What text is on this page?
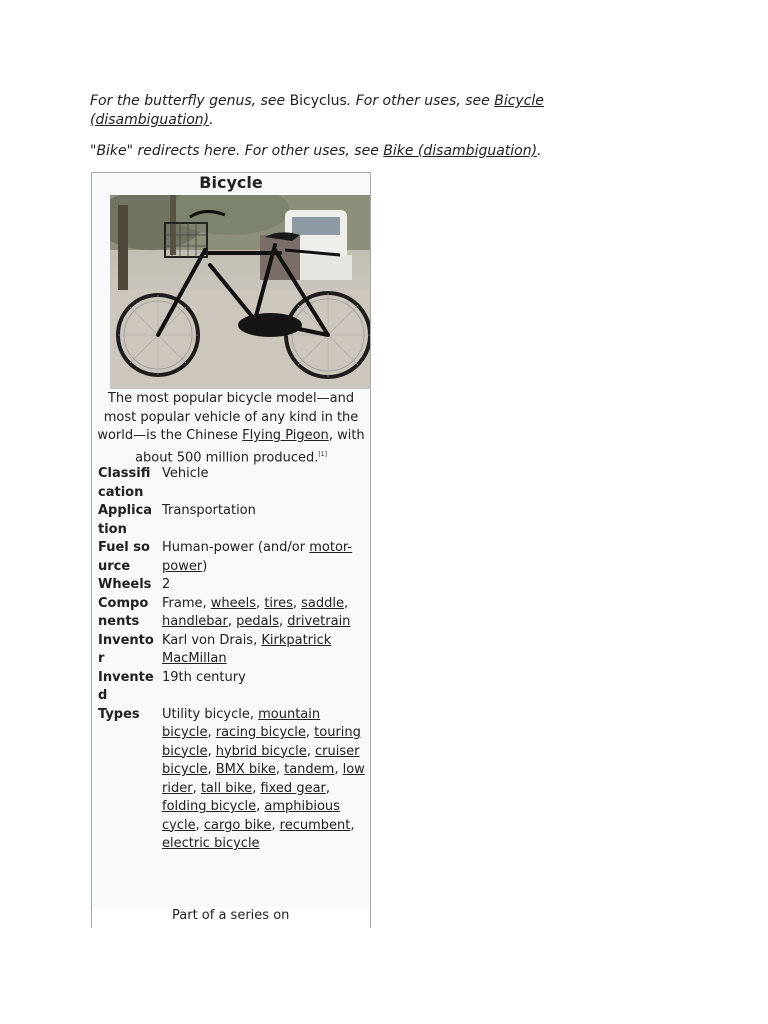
For the butterfly genus, see Bicyclus. For other uses, see Bicycle (disambiguation).
"Bike" redirects here. For other uses, see Bike (disambiguation).
Bicycle
The most popular bicycle model—and most popular vehicle of any kind in the world—is the Chinese Flying Pigeon, with about 500 million produced.[1]
Classification
Vehicle
Application
Transportation
Fuel source
Human-power (and/or motor-power)
Wheels 2
Components
Frame, wheels, tires, saddle, handlebar, pedals, drivetrain
Inventor
Karl von Drais, Kirkpatrick MacMillan
Invented
19th century
Types	Utility bicycle, mountain bicycle, racing bicycle, touring bicycle, hybrid bicycle, cruiser bicycle, BMX bike, tandem, low rider, tall bike, fixed gear, folding bicycle, amphibious cycle, cargo bike, recumbent, electric bicycle
Part of a series on
